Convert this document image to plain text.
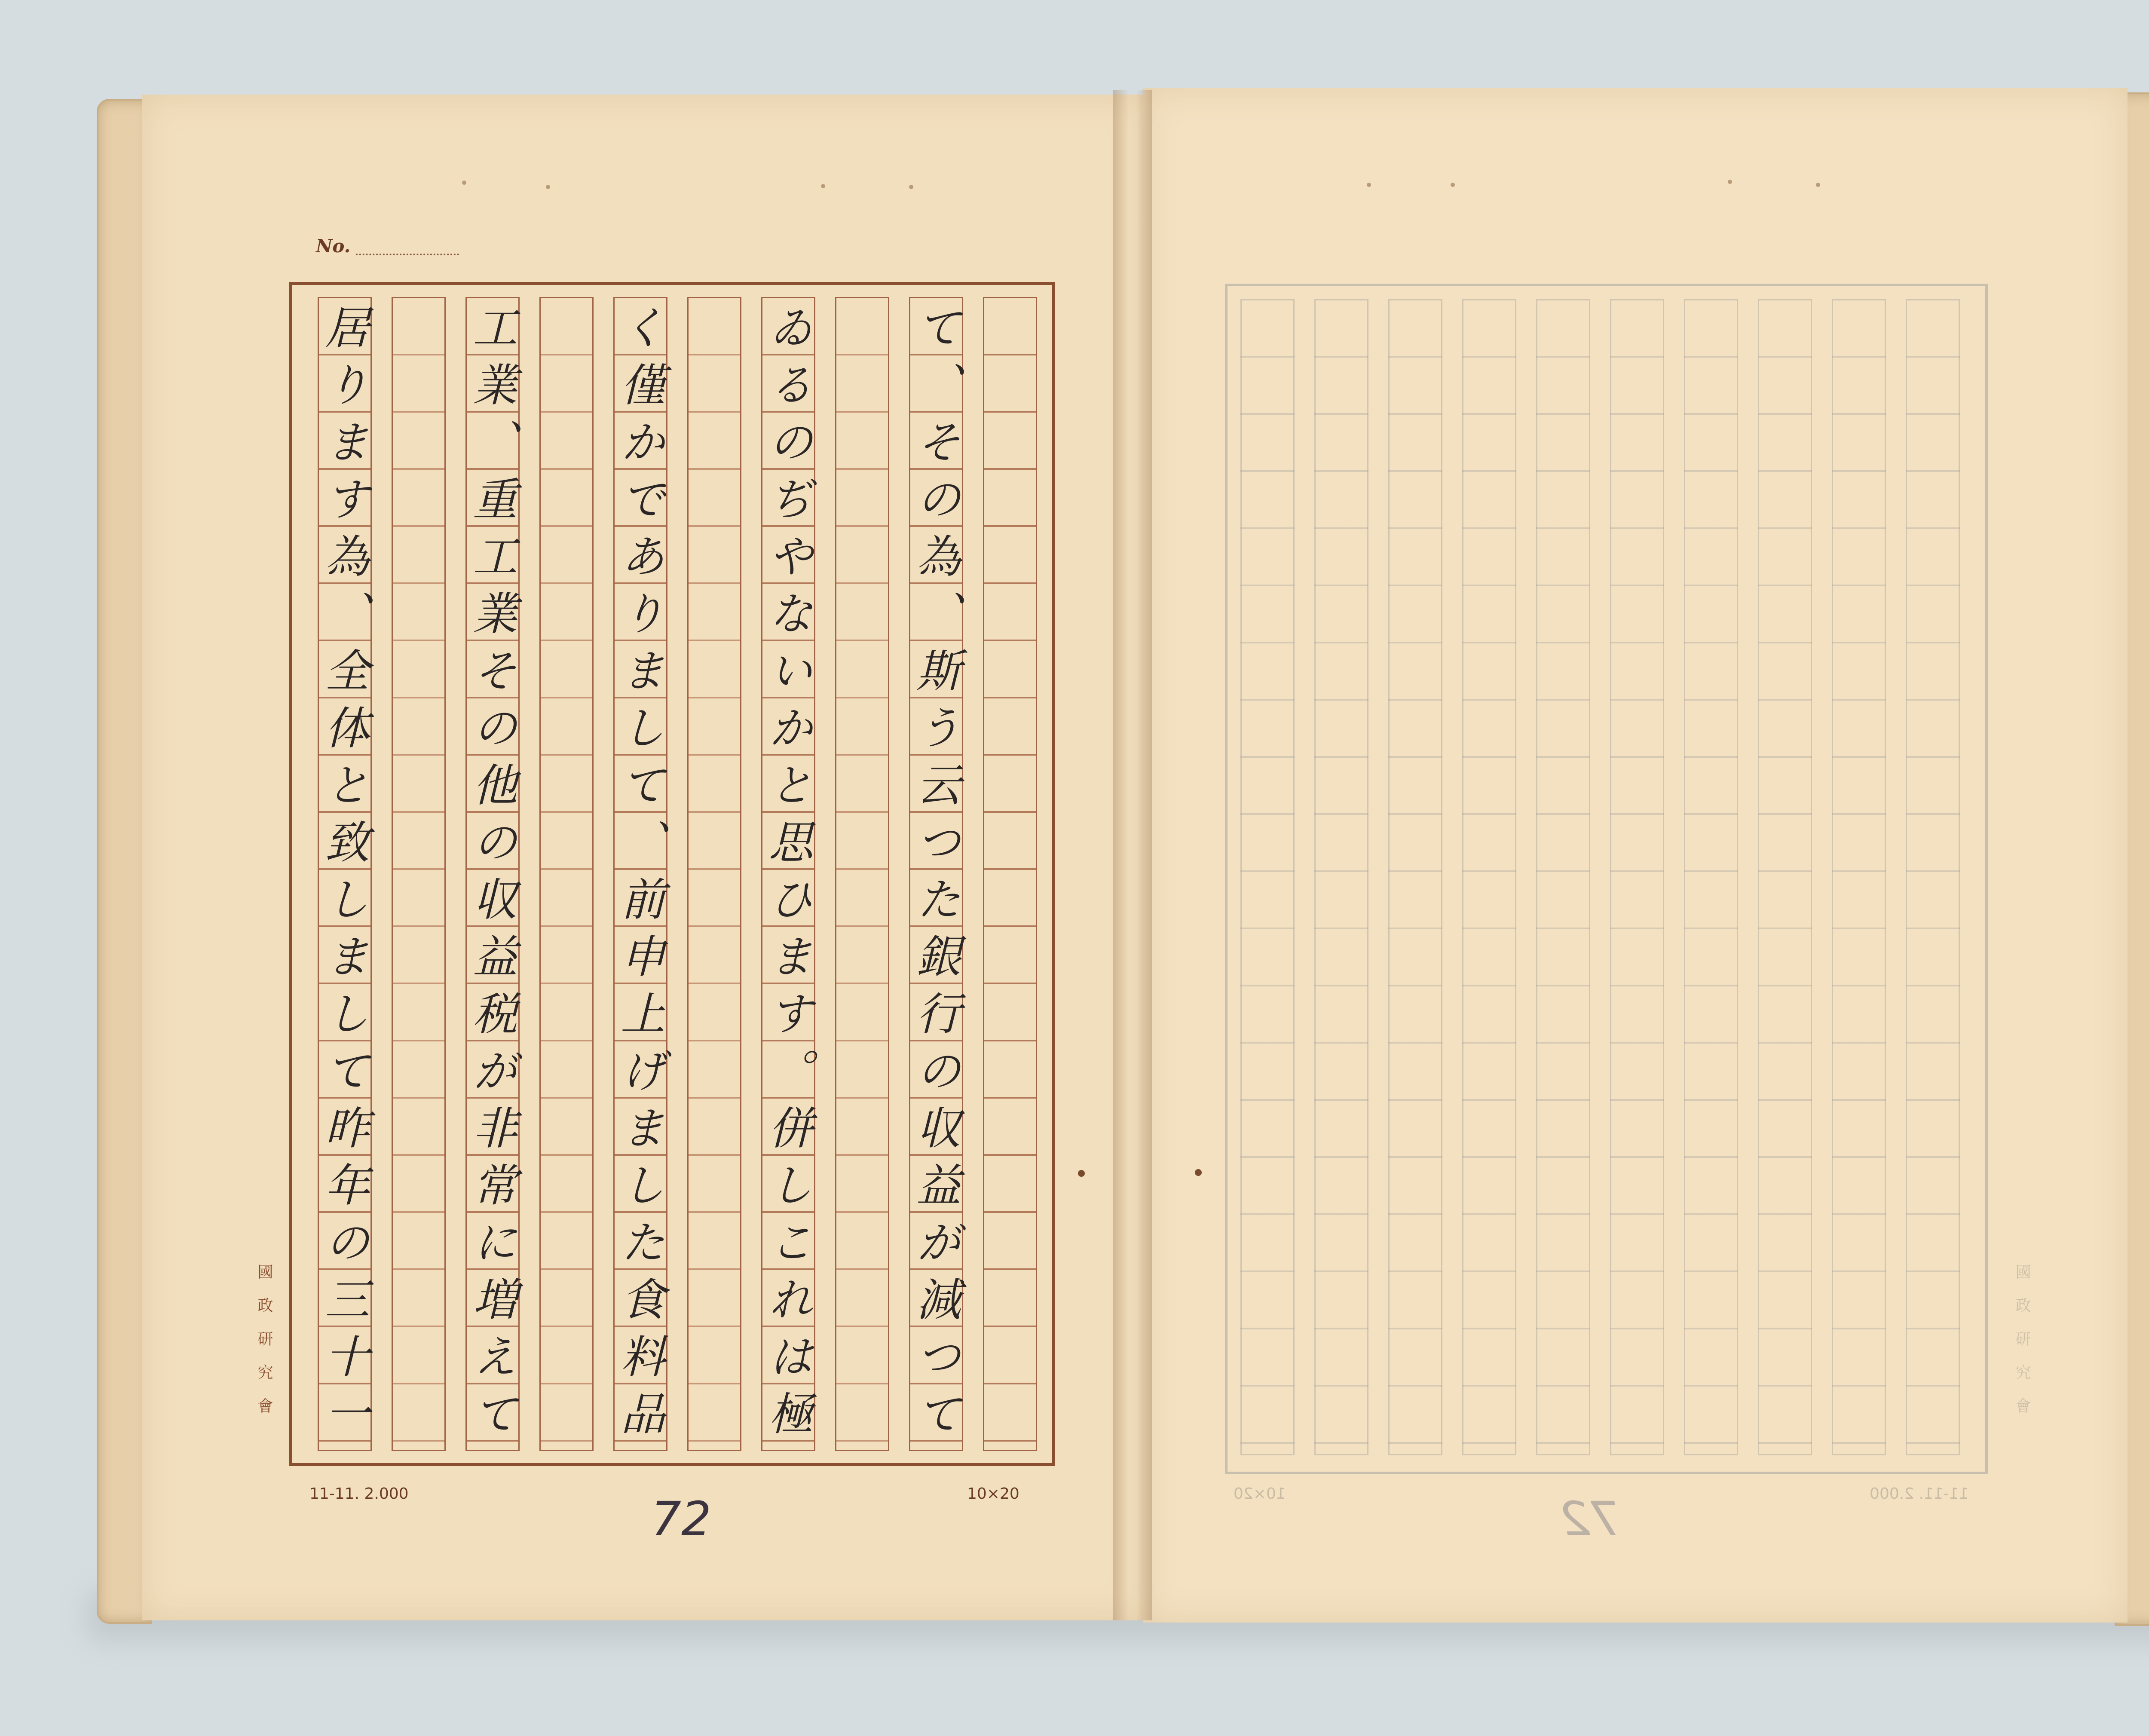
No.
て、その為、斯う云つた銀行の収益が減つて
ゐるのぢやないかと思ひます。併しこれは極
く僅かでありまして、前申上げました食料品
工業、重工業その他の収益税が非常に増えて
居ります為、全体と致しまして昨年の三十一
國政研究會
11-11. 2.000	10×20
72
國政研究會
10×20	11-11. 2.000
72
